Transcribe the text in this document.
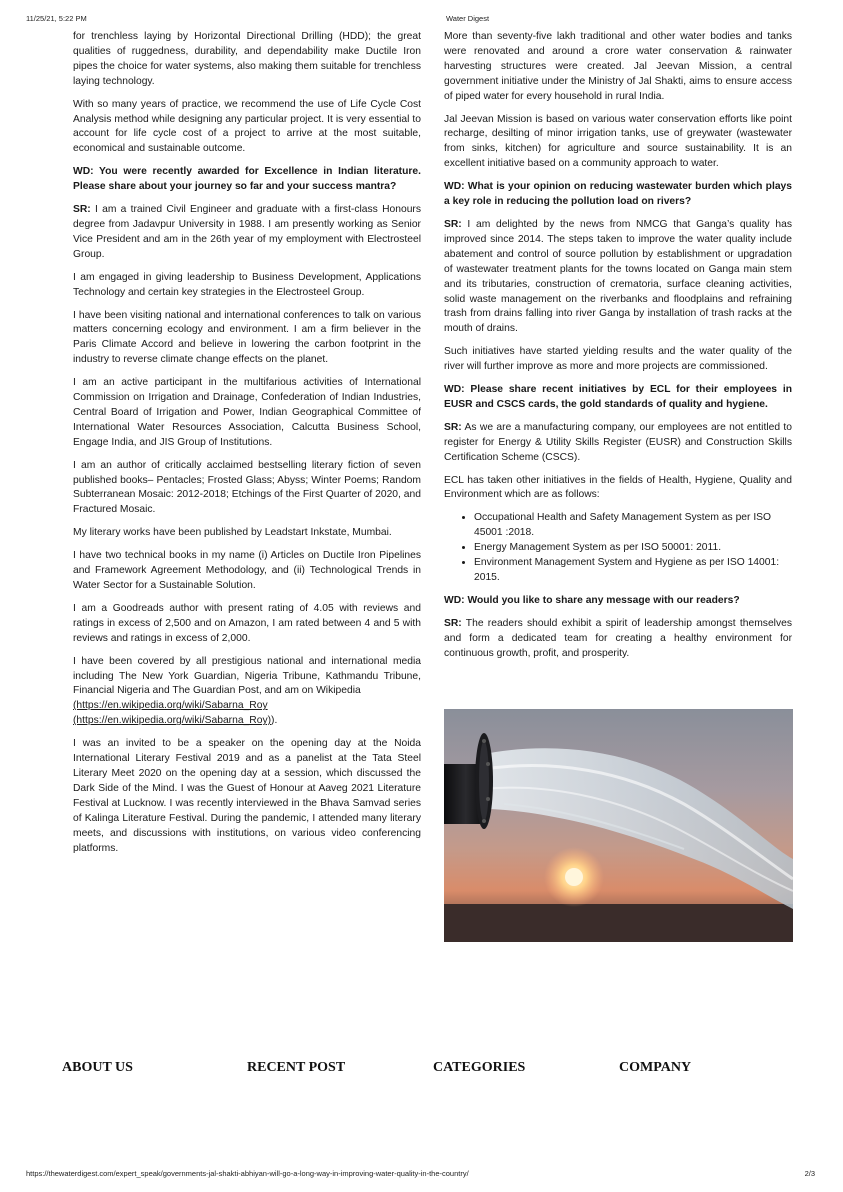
11/25/21, 5:22 PM	Water Digest

for trenchless laying by Horizontal Directional Drilling (HDD); the great qualities of ruggedness, durability, and dependability make Ductile Iron pipes the choice for water systems, also making them suitable for trenchless laying technology.

With so many years of practice, we recommend the use of Life Cycle Cost Analysis method while designing any particular project. It is very essential to account for life cycle cost of a project to arrive at the most suitable, economical and sustainable outcome.

WD: You were recently awarded for Excellence in Indian literature. Please share about your journey so far and your success mantra?

SR: I am a trained Civil Engineer and graduate with a first-class Honours degree from Jadavpur University in 1988. I am presently working as Senior Vice President and am in the 26th year of my employment with Electrosteel Group.

I am engaged in giving leadership to Business Development, Applications Technology and certain key strategies in the Electrosteel Group.

I have been visiting national and international conferences to talk on various matters concerning ecology and environment. I am a firm believer in the Paris Climate Accord and believe in lowering the carbon footprint in the industry to reverse climate change effects on the planet.

I am an active participant in the multifarious activities of International Commission on Irrigation and Drainage, Confederation of Indian Industries, Central Board of Irrigation and Power, Indian Geographical Committee of International Water Resources Association, Calcutta Business School, Engage India, and JIS Group of Institutions.

I am an author of critically acclaimed bestselling literary fiction of seven published books– Pentacles; Frosted Glass; Abyss; Winter Poems; Random Subterranean Mosaic: 2012-2018; Etchings of the First Quarter of 2020, and Fractured Mosaic.

My literary works have been published by Leadstart Inkstate, Mumbai.

I have two technical books in my name (i) Articles on Ductile Iron Pipelines and Framework Agreement Methodology, and (ii) Technological Trends in Water Sector for a Sustainable Solution.

I am a Goodreads author with present rating of 4.05 with reviews and ratings in excess of 2,500 and on Amazon, I am rated between 4 and 5 with reviews and ratings in excess of 2,000.

I have been covered by all prestigious national and international media including The New York Guardian, Nigeria Tribune, Kathmandu Tribune, Financial Nigeria and The Guardian Post, and am on Wikipedia
(https://en.wikipedia.org/wiki/Sabarna_Roy
(https://en.wikipedia.org/wiki/Sabarna_Roy)).

I was an invited to be a speaker on the opening day at the Noida International Literary Festival 2019 and as a panelist at the Tata Steel Literary Meet 2020 on the opening day at a session, which discussed the Dark Side of the Mind. I was the Guest of Honour at Aaveg 2021 Literature Festival at Lucknow. I was recently interviewed in the Bhava Samvad series of Kalinga Literature Festival. During the pandemic, I attended many literary meets, and discussions with institutions, on various video conferencing platforms.

More than seventy-five lakh traditional and other water bodies and tanks were renovated and around a crore water conservation & rainwater harvesting structures were created. Jal Jeevan Mission, a central government initiative under the Ministry of Jal Shakti, aims to ensure access of piped water for every household in rural India.

Jal Jeevan Mission is based on various water conservation efforts like point recharge, desilting of minor irrigation tanks, use of greywater (wastewater from sinks, kitchen) for agriculture and source sustainability. It is an excellent initiative based on a community approach to water.

WD: What is your opinion on reducing wastewater burden which plays a key role in reducing the pollution load on rivers?

SR: I am delighted by the news from NMCG that Ganga’s quality has improved since 2014. The steps taken to improve the water quality include abatement and control of source pollution by establishment or upgradation of wastewater treatment plants for the towns located on Ganga main stem and its tributaries, construction of crematoria, surface cleaning activities, solid waste management on the riverbanks and floodplains and refraining trash from drains falling into river Ganga by installation of trash racks at the mouth of drains.

Such initiatives have started yielding results and the water quality of the river will further improve as more and more projects are commissioned.

WD: Please share recent initiatives by ECL for their employees in EUSR and CSCS cards, the gold standards of quality and hygiene.

SR: As we are a manufacturing company, our employees are not entitled to register for Energy & Utility Skills Register (EUSR) and Construction Skills Certification Scheme (CSCS).

ECL has taken other initiatives in the fields of Health, Hygiene, Quality and Environment which are as follows:

• Occupational Health and Safety Management System as per ISO 45001 :2018.
• Energy Management System as per ISO 50001: 2011.
• Environment Management System and Hygiene as per ISO 14001: 2015.

WD: Would you like to share any message with our readers?

SR: The readers should exhibit a spirit of leadership amongst themselves and form a dedicated team for creating a healthy environment for continuous growth, profit, and prosperity.

ABOUT US	RECENT POST	CATEGORIES	COMPANY
https://thewaterdigest.com/expert_speak/governments-jal-shakti-abhiyan-will-go-a-long-way-in-improving-water-quality-in-the-country/	2/3
